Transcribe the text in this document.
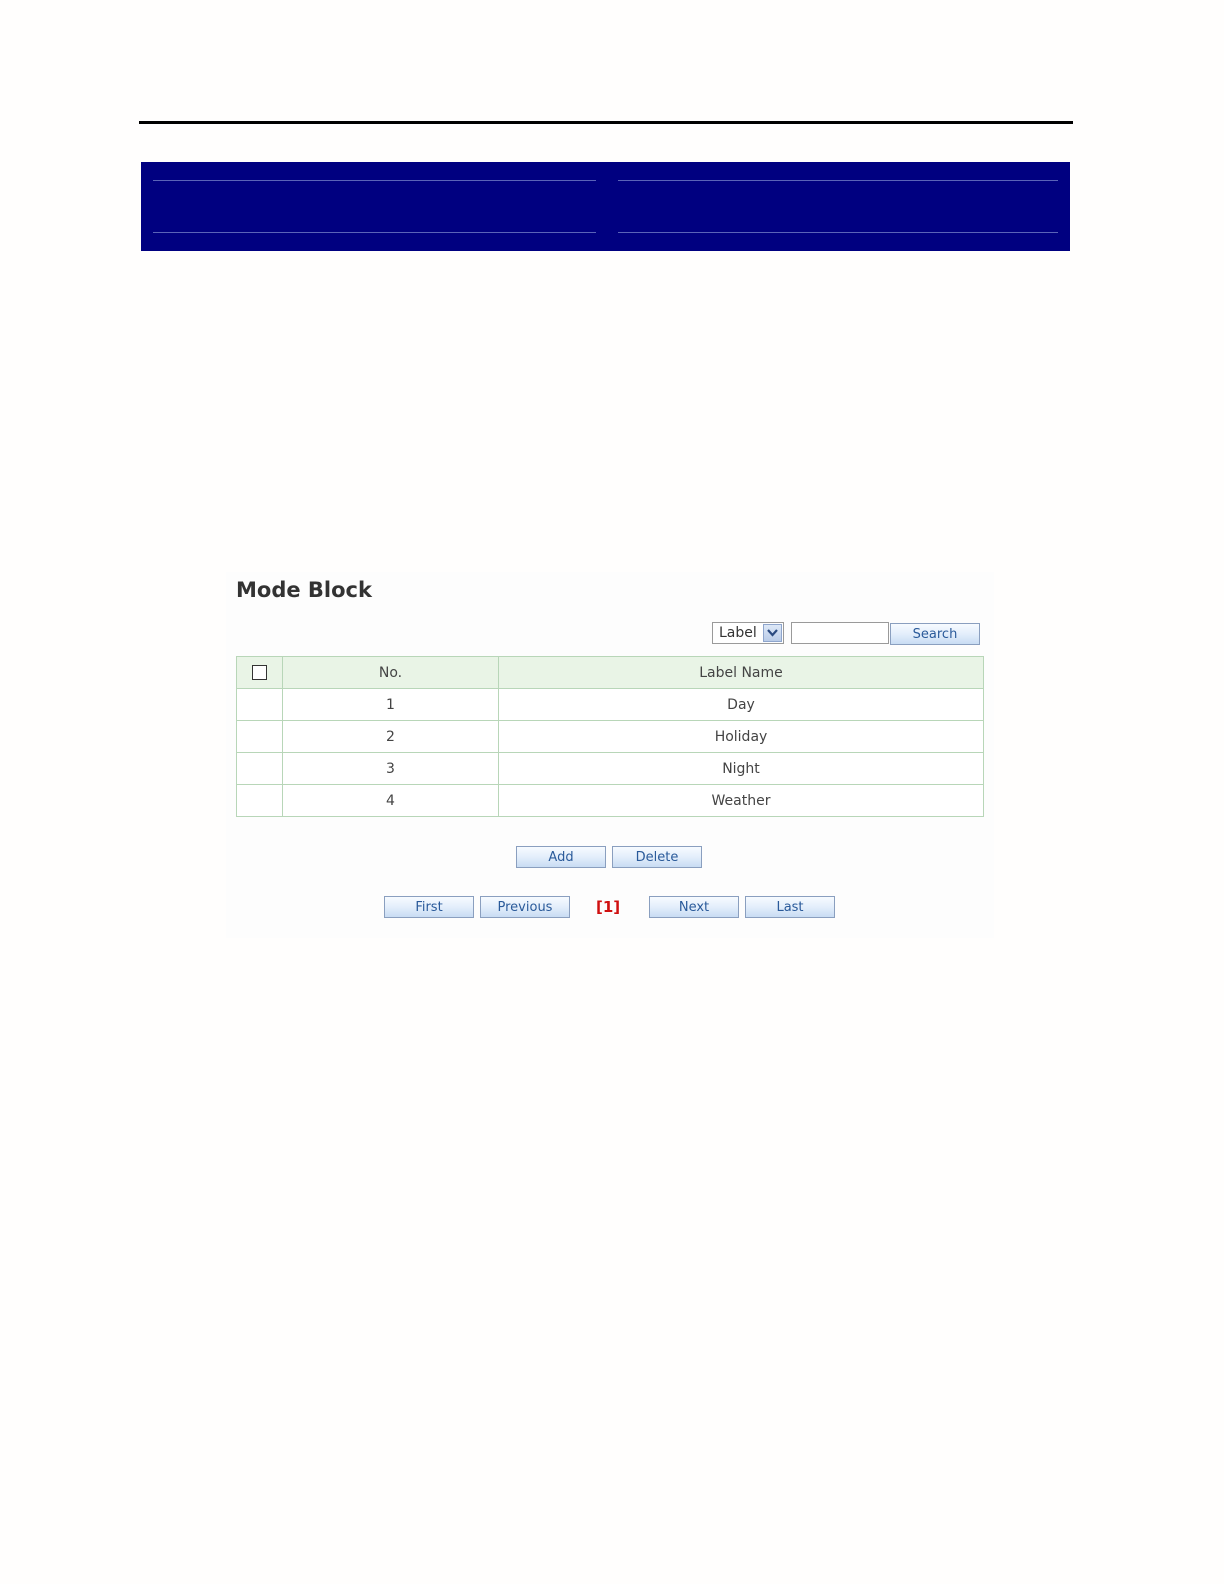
Mode Block
Label	Search
	No.	Label Name
	1	Day
	2	Holiday
	3	Night
	4	Weather
Add	Delete
First	Previous	[1]	Next	Last
